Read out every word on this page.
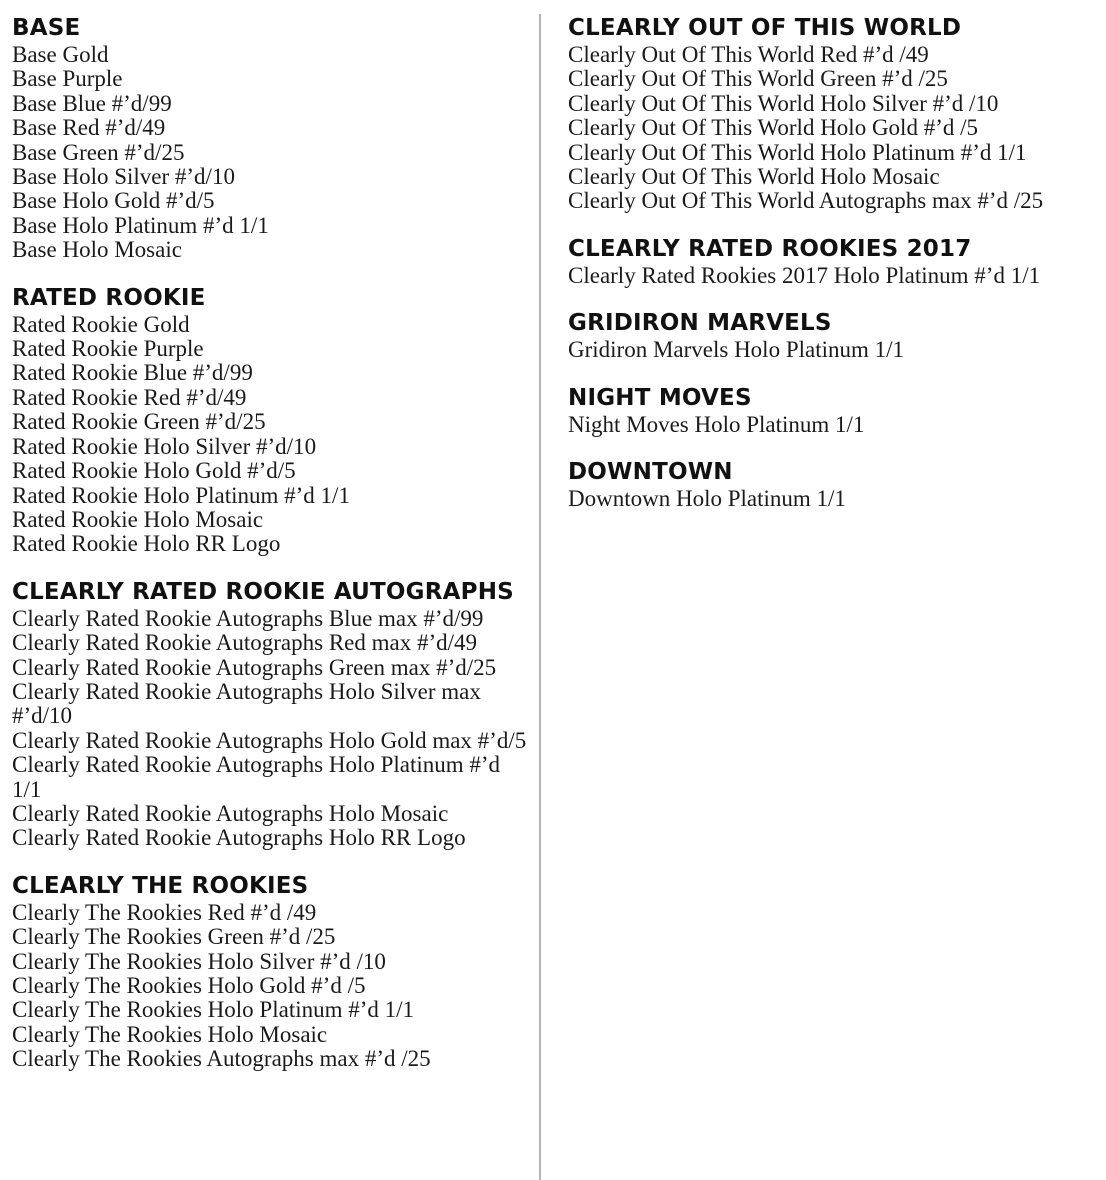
BASE
Base Gold
Base Purple
Base Blue #’d/99
Base Red #’d/49
Base Green #’d/25
Base Holo Silver #’d/10
Base Holo Gold #’d/5
Base Holo Platinum #’d 1/1
Base Holo Mosaic
RATED ROOKIE
Rated Rookie Gold
Rated Rookie Purple
Rated Rookie Blue #’d/99
Rated Rookie Red #’d/49
Rated Rookie Green #’d/25
Rated Rookie Holo Silver #’d/10
Rated Rookie Holo Gold #’d/5
Rated Rookie Holo Platinum #’d 1/1
Rated Rookie Holo Mosaic
Rated Rookie Holo RR Logo
CLEARLY RATED ROOKIE AUTOGRAPHS
Clearly Rated Rookie Autographs Blue max #’d/99
Clearly Rated Rookie Autographs Red max #’d/49
Clearly Rated Rookie Autographs Green max #’d/25
Clearly Rated Rookie Autographs Holo Silver max #’d/10
Clearly Rated Rookie Autographs Holo Gold max #’d/5
Clearly Rated Rookie Autographs Holo Platinum #’d 1/1
Clearly Rated Rookie Autographs Holo Mosaic
Clearly Rated Rookie Autographs Holo RR Logo
CLEARLY THE ROOKIES
Clearly The Rookies Red #’d /49
Clearly The Rookies Green #’d /25
Clearly The Rookies Holo Silver #’d /10
Clearly The Rookies Holo Gold #’d /5
Clearly The Rookies Holo Platinum #’d 1/1
Clearly The Rookies Holo Mosaic
Clearly The Rookies Autographs max #’d /25
CLEARLY OUT OF THIS WORLD
Clearly Out Of This World Red #’d /49
Clearly Out Of This World Green #’d /25
Clearly Out Of This World Holo Silver #’d /10
Clearly Out Of This World Holo Gold #’d /5
Clearly Out Of This World Holo Platinum #’d 1/1
Clearly Out Of This World Holo Mosaic
Clearly Out Of This World Autographs max #’d /25
CLEARLY RATED ROOKIES 2017
Clearly Rated Rookies 2017 Holo Platinum #’d 1/1
GRIDIRON MARVELS
Gridiron Marvels Holo Platinum 1/1
NIGHT MOVES
Night Moves Holo Platinum 1/1
DOWNTOWN
Downtown Holo Platinum 1/1
